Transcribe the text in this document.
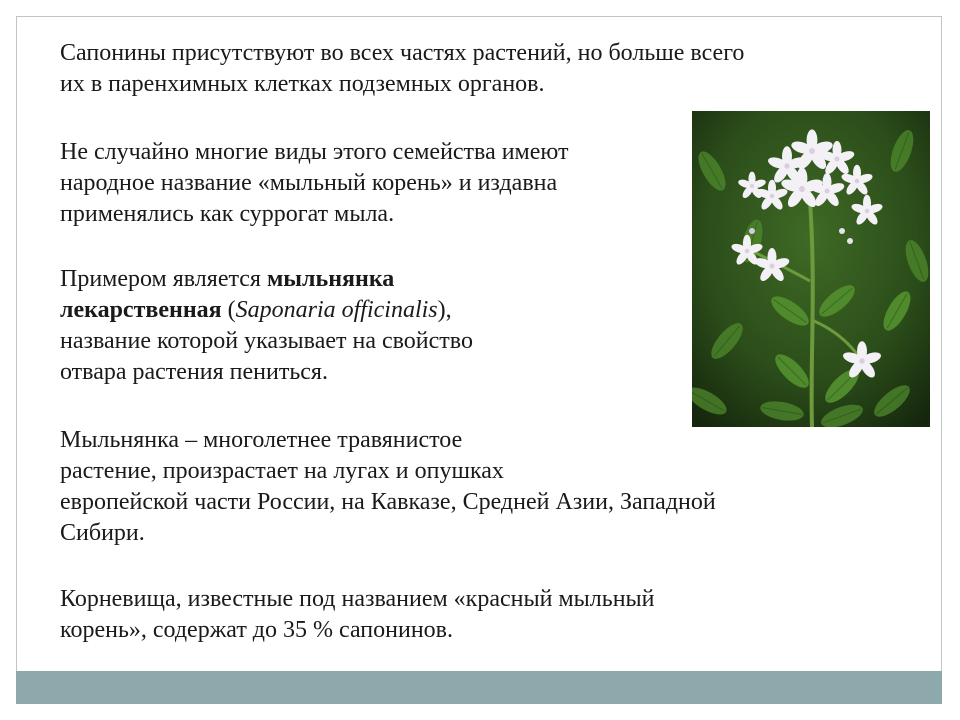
Сапонины присутствуют во всех частях растений, но больше всего
их в паренхимных клетках подземных органов.

Не случайно многие виды этого семейства имеют
народное название «мыльный корень» и издавна
применялись как суррогат мыла.

Примером является мыльнянка
лекарственная (Saponaria officinalis),
название которой указывает на свойство
отвара растения пениться.

Мыльнянка – многолетнее травянистое
растение, произрастает на лугах и опушках
европейской части России, на Кавказе, Средней Азии, Западной
Сибири.

Корневища, известные под названием «красный мыльный
корень», содержат до 35 % сапонинов.
